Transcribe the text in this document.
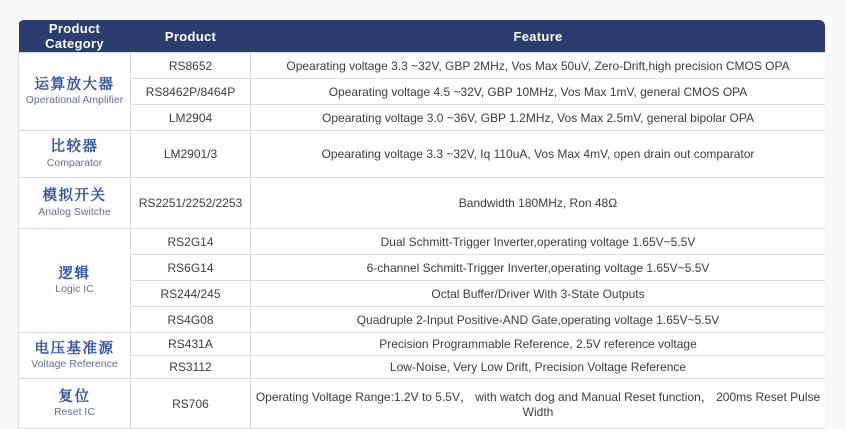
Product Category	Product	Feature

运算放大器
Operational Amplifier	RS8652	Opearating voltage 3.3 ~32V, GBP 2MHz, Vos Max 50uV, Zero-Drift,high precision CMOS OPA
	RS8462P/8464P	Opearating voltage 4.5 ~32V, GBP 10MHz, Vos Max 1mV, general CMOS OPA
	LM2904	Opearating voltage 3.0 ~36V, GBP 1.2MHz, Vos Max 2.5mV, general bipolar OPA

比较器
Comparator	LM2901/3	Opearating voltage 3.3 ~32V, Iq 110uA, Vos Max 4mV, open drain out comparator

模拟开关
Analog Switche	RS2251/2252/2253	Bandwidth 180MHz, Ron 48Ω

逻辑
Logic IC	RS2G14	Dual Schmitt-Trigger Inverter,operating voltage 1.65V~5.5V
	RS6G14	6-channel Schmitt-Trigger Inverter,operating voltage 1.65V~5.5V
	RS244/245	Octal Buffer/Driver With 3-State Outputs
	RS4G08	Quadruple 2-Input Positive-AND Gate,operating voltage 1.65V~5.5V

电压基准源
Voltage Reference	RS431A	Precision Programmable Reference, 2.5V reference voltage
	RS3112	Low-Noise, Very Low Drift, Precision Voltage Reference

复位
Reset IC	RS706	Operating Voltage Range:1.2V to 5.5V， with watch dog and Manual Reset function， 200ms Reset Pulse Width
